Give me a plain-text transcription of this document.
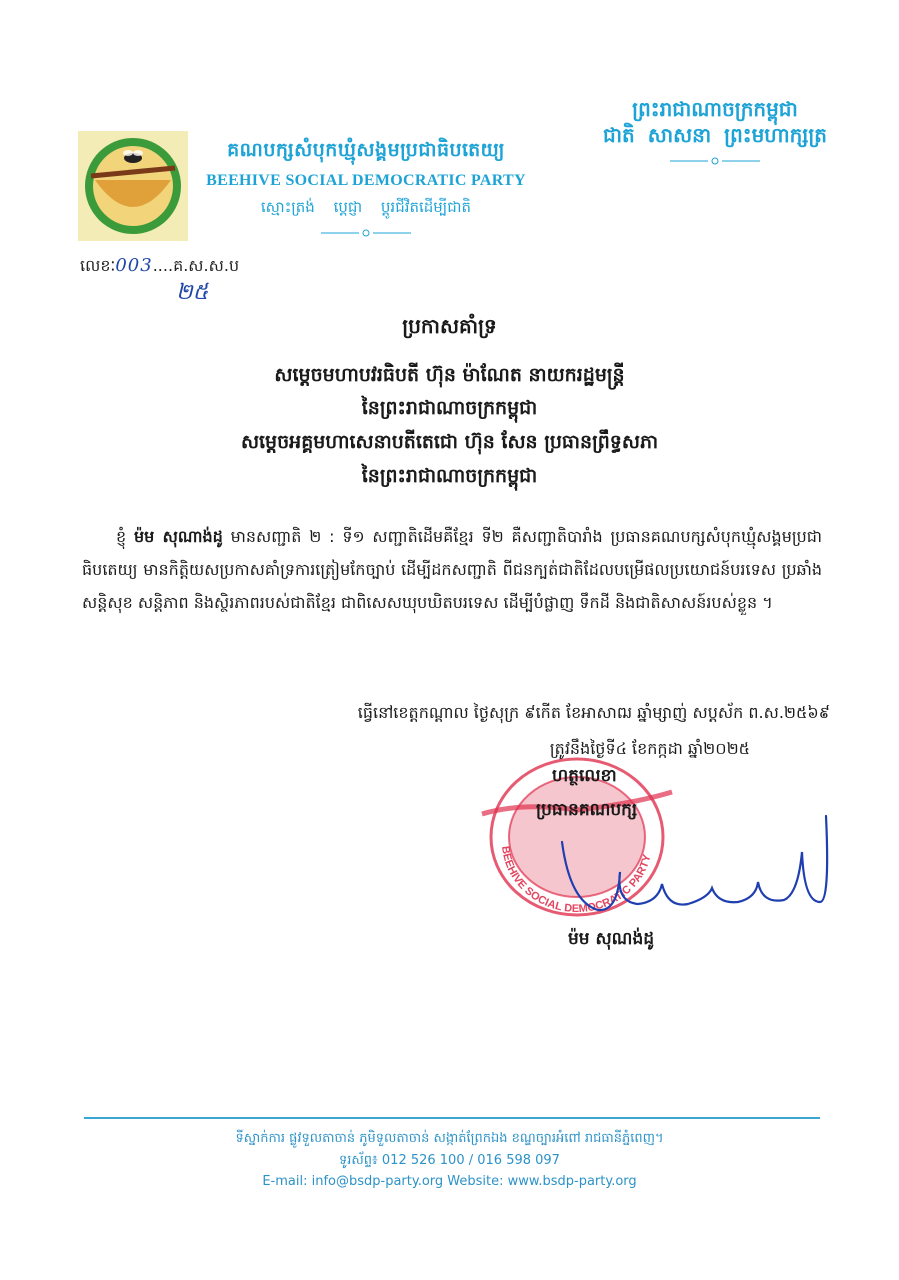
ព្រះរាជាណាចក្រកម្ពុជា
ជាតិ សាសនា ព្រះមហាក្សត្រ
គណបក្សសំបុកឃ្មុំសង្គមប្រជាធិបតេយ្យ
BEEHIVE SOCIAL DEMOCRATIC PARTY
ស្មោះត្រង់ ប្ដេជ្ញា ប្ដូរជីវិតដើម្បីជាតិ
លេខៈ003....គ.ស.ស.ប
២៥
ប្រកាសគាំទ្រ
សម្ដេចមហាបវរធិបតី ហ៊ុន ម៉ាណែត នាយករដ្ឋមន្ត្រី
នៃព្រះរាជាណាចក្រកម្ពុជា
សម្ដេចអគ្គមហាសេនាបតីតេជោ ហ៊ុន សែន ប្រធានព្រឹទ្ធសភា
នៃព្រះរាជាណាចក្រកម្ពុជា
ខ្ញុំ ម៉ម សុណាង់ដូ មានសញ្ជាតិ ២ : ទី១ សញ្ជាតិដើមគឺខ្មែរ ទី២ គឺសញ្ជាតិបារាំង ប្រធានគណបក្សសំបុកឃ្មុំសង្គមប្រជាធិបតេយ្យ មានកិត្តិយសប្រកាសគាំទ្រការត្រៀមកែច្បាប់ ដើម្បីដកសញ្ជាតិ ពីជនក្បត់ជាតិដែលបម្រើផលប្រយោជន៍បរទេស ប្រឆាំងសន្តិសុខ សន្តិភាព និងស្ថិរភាពរបស់ជាតិខ្មែរ ជាពិសេសឃុបឃិតបរទេស ដើម្បីបំផ្លាញ ទឹកដី និងជាតិសាសន៍របស់ខ្លួន ។
ធ្វើនៅខេត្តកណ្ដាល ថ្ងៃសុក្រ ៩កើត ខែអាសាឍ ឆ្នាំម្សាញ់ សប្តស័ក ព.ស.២៥៦៩
ត្រូវនឹងថ្ងៃទី៤ ខែកក្កដា ឆ្នាំ២០២៥
BEEHIVE SOCIAL DEMOCRATIC PARTY
ហត្ថលេខា
ប្រធានគណបក្ស
ម៉ម សុណង់ដូ
ទីស្នាក់ការ ផ្លូវទួលតាចាន់ ភូមិទួលតាចាន់ សង្កាត់ព្រែកឯង ខណ្ឌច្បារអំពៅ រាជធានីភ្នំពេញ។
ទូរស័ព្ទ៖ 012 526 100 / 016 598 097
E-mail: info@bsdp-party.org Website: www.bsdp-party.org
